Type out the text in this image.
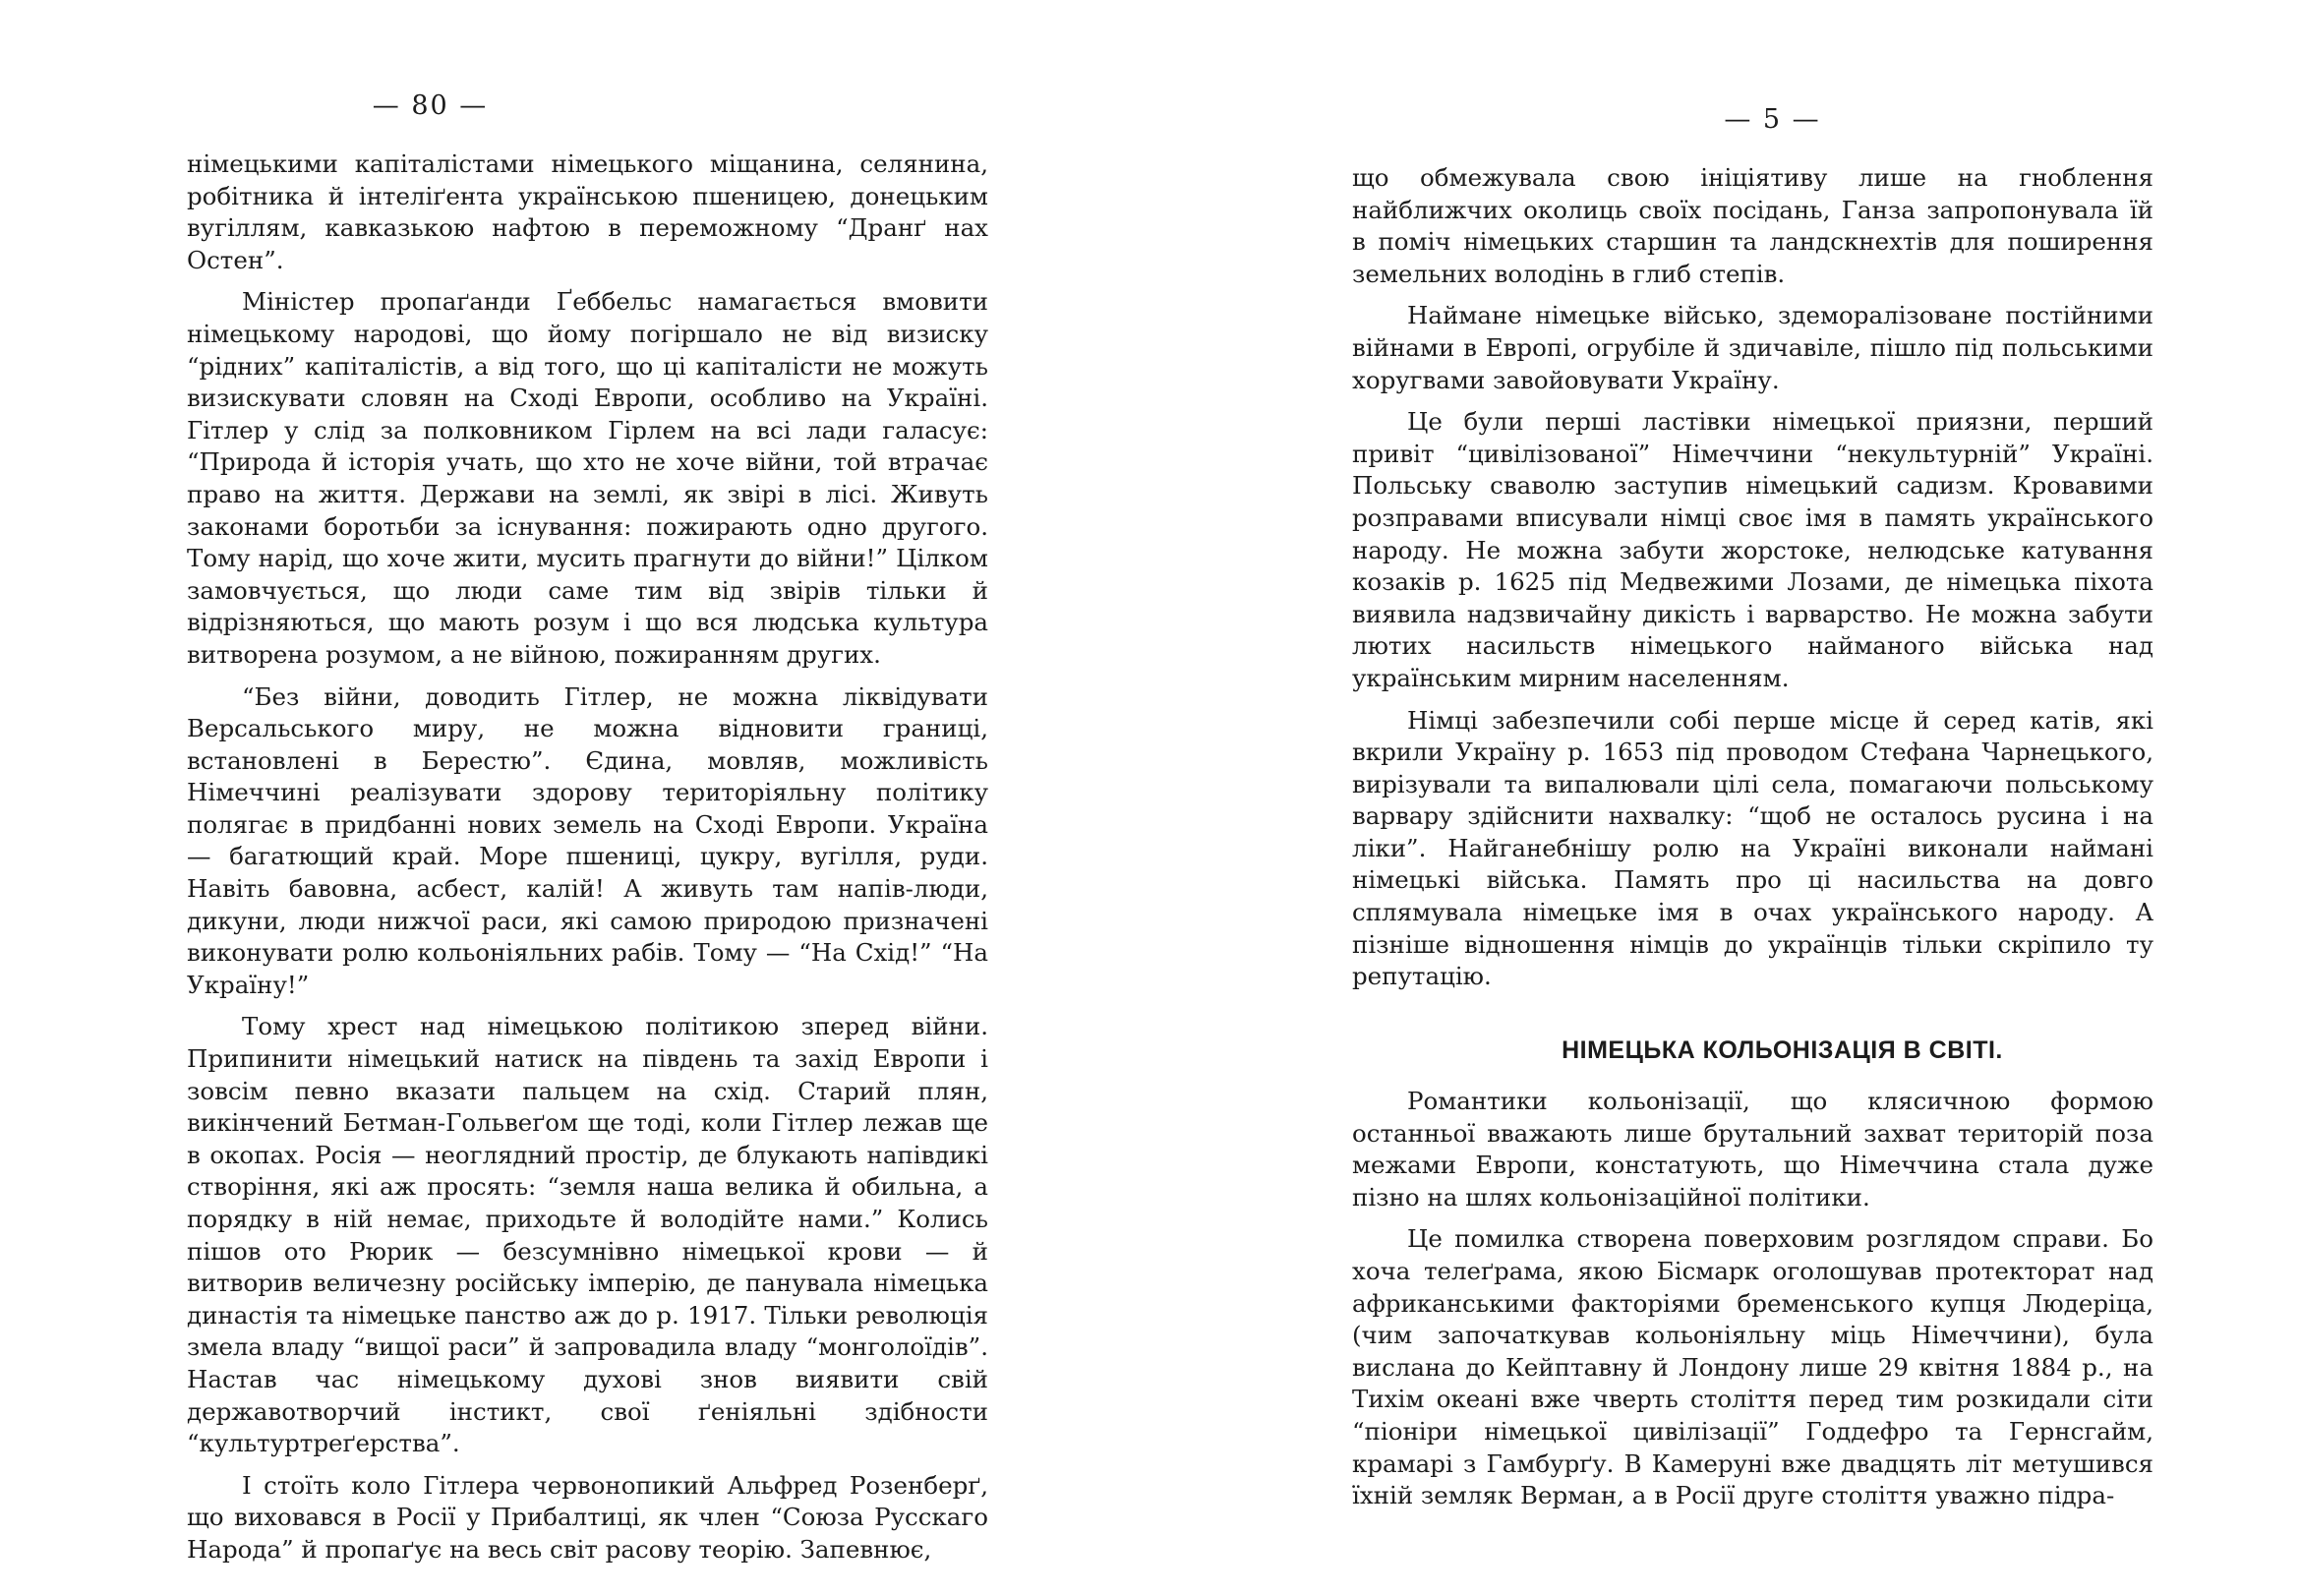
— 80 —

німецькими капіталістами німецького міщанина, селянина, робітника й інтеліґента українською пшеницею, донецьким вугіллям, кавказькою нафтою в переможному “Дранґ нах Остен”.

Міністер пропаґанди Ґеббельс намагається вмовити німецькому народові, що йому погіршало не від визиску “рідних” капіталістів, а від того, що ці капіталісти не можуть визискувати словян на Сході Европи, особливо на Україні. Гітлер у слід за полковником Гірлем на всі лади галасує: “Природа й історія учать, що хто не хоче війни, той втрачає право на життя. Держави на землі, як звірі в лісі. Живуть законами боротьби за існування: пожирають одно другого. Тому нарід, що хоче жити, мусить прагнути до війни!” Цілком замовчується, що люди саме тим від звірів тільки й відрізняються, що мають розум і що вся людська культура витворена розумом, а не війною, пожиранням других.

“Без війни, доводить Гітлер, не можна ліквідувати Версальського миру, не можна відновити границі, встановлені в Берестю”. Єдина, мовляв, можливість Німеччині реалізувати здорову територіяльну політику полягає в придбанні нових земель на Сході Европи. Україна — багатющий край. Море пшениці, цукру, вугілля, руди. Навіть бавовна, асбест, калій! А живуть там напів-люди, дикуни, люди нижчої раси, які самою природою призначені виконувати ролю кольоніяльних рабів. Тому — “На Схід!” “На Україну!”

Тому хрест над німецькою політикою зперед війни. Припинити німецький натиск на південь та захід Европи і зовсім певно вказати пальцем на схід. Старий плян, викінчений Бетман-Гольвеґом ще тоді, коли Гітлер лежав ще в окопах. Росія — неоглядний простір, де блукають напівдикі створіння, які аж просять: “земля наша велика й обильна, а порядку в ній немає, приходьте й володійте нами.” Колись пішов ото Рюрик — безсумнівно німецької крови — й витворив величезну російську імперію, де панувала німецька династія та німецьке панство аж до р. 1917. Тільки революція змела владу “вищої раси” й запровадила владу “монголоїдів”. Настав час німецькому духові знов виявити свій державотворчий інстикт, свої ґеніяльні здібности “культуртреґерства”.

І стоїть коло Гітлера червонопикий Альфред Розенберґ, що виховався в Росії у Прибалтиці, як член “Союза Русскаго Народа” й пропаґує на весь світ расову теорію. Запевнює,

— 5 —

що обмежувала свою ініціятиву лише на гноблення найближчих околиць своїх посідань, Ганза запропонувала їй в поміч німецьких старшин та ландскнехтів для поширення земельних володінь в глиб степів.

Наймане німецьке військо, здеморалізоване постійними війнами в Европі, огрубіле й здичавіле, пішло під польськими хоругвами завойовувати Україну.

Це були перші ластівки німецької приязни, перший привіт “цивілізованої” Німеччини “некультурній” Україні. Польську сваволю заступив німецький садизм. Кровавими розправами вписували німці своє імя в память українського народу. Не можна забути жорстоке, нелюдське катування козаків р. 1625 під Медвежими Лозами, де німецька піхота виявила надзвичайну дикість і варварство. Не можна забути лютих насильств німецького найманого війська над українським мирним населенням.

Німці забезпечили собі перше місце й серед катів, які вкрили Україну р. 1653 під проводом Стефана Чарнецького, вирізували та випалювали цілі села, помагаючи польському варвару здійснити нахвалку: “щоб не осталось русина і на ліки”. Найганебнішу ролю на Україні виконали наймані німецькі війська. Память про ці насильства на довго сплямувала німецьке імя в очах українського народу. А пізніше відношення німців до українців тільки скріпило ту репутацію.

НІМЕЦЬКА КОЛЬОНІЗАЦІЯ В СВІТІ.

Романтики кольонізації, що клясичною формою останньої вважають лише брутальний захват територій поза межами Европи, констатують, що Німеччина стала дуже пізно на шлях кольонізаційної політики.

Це помилка створена поверховим розглядом справи. Бо хоча телеґрама, якою Бісмарк оголошував протекторат над африканськими факторіями бременського купця Людеріца, (чим започаткував кольоніяльну міць Німеччини), була вислана до Кейптавну й Лондону лише 29 квітня 1884 р., на Тихім океані вже чверть століття перед тим розкидали сіти “піоніри німецької цивілізації” Годдефро та Гернсгайм, крамарі з Гамбурґу. В Камеруні вже двадцять літ метушився їхній земляк Верман, а в Росії друге століття уважно підра-
